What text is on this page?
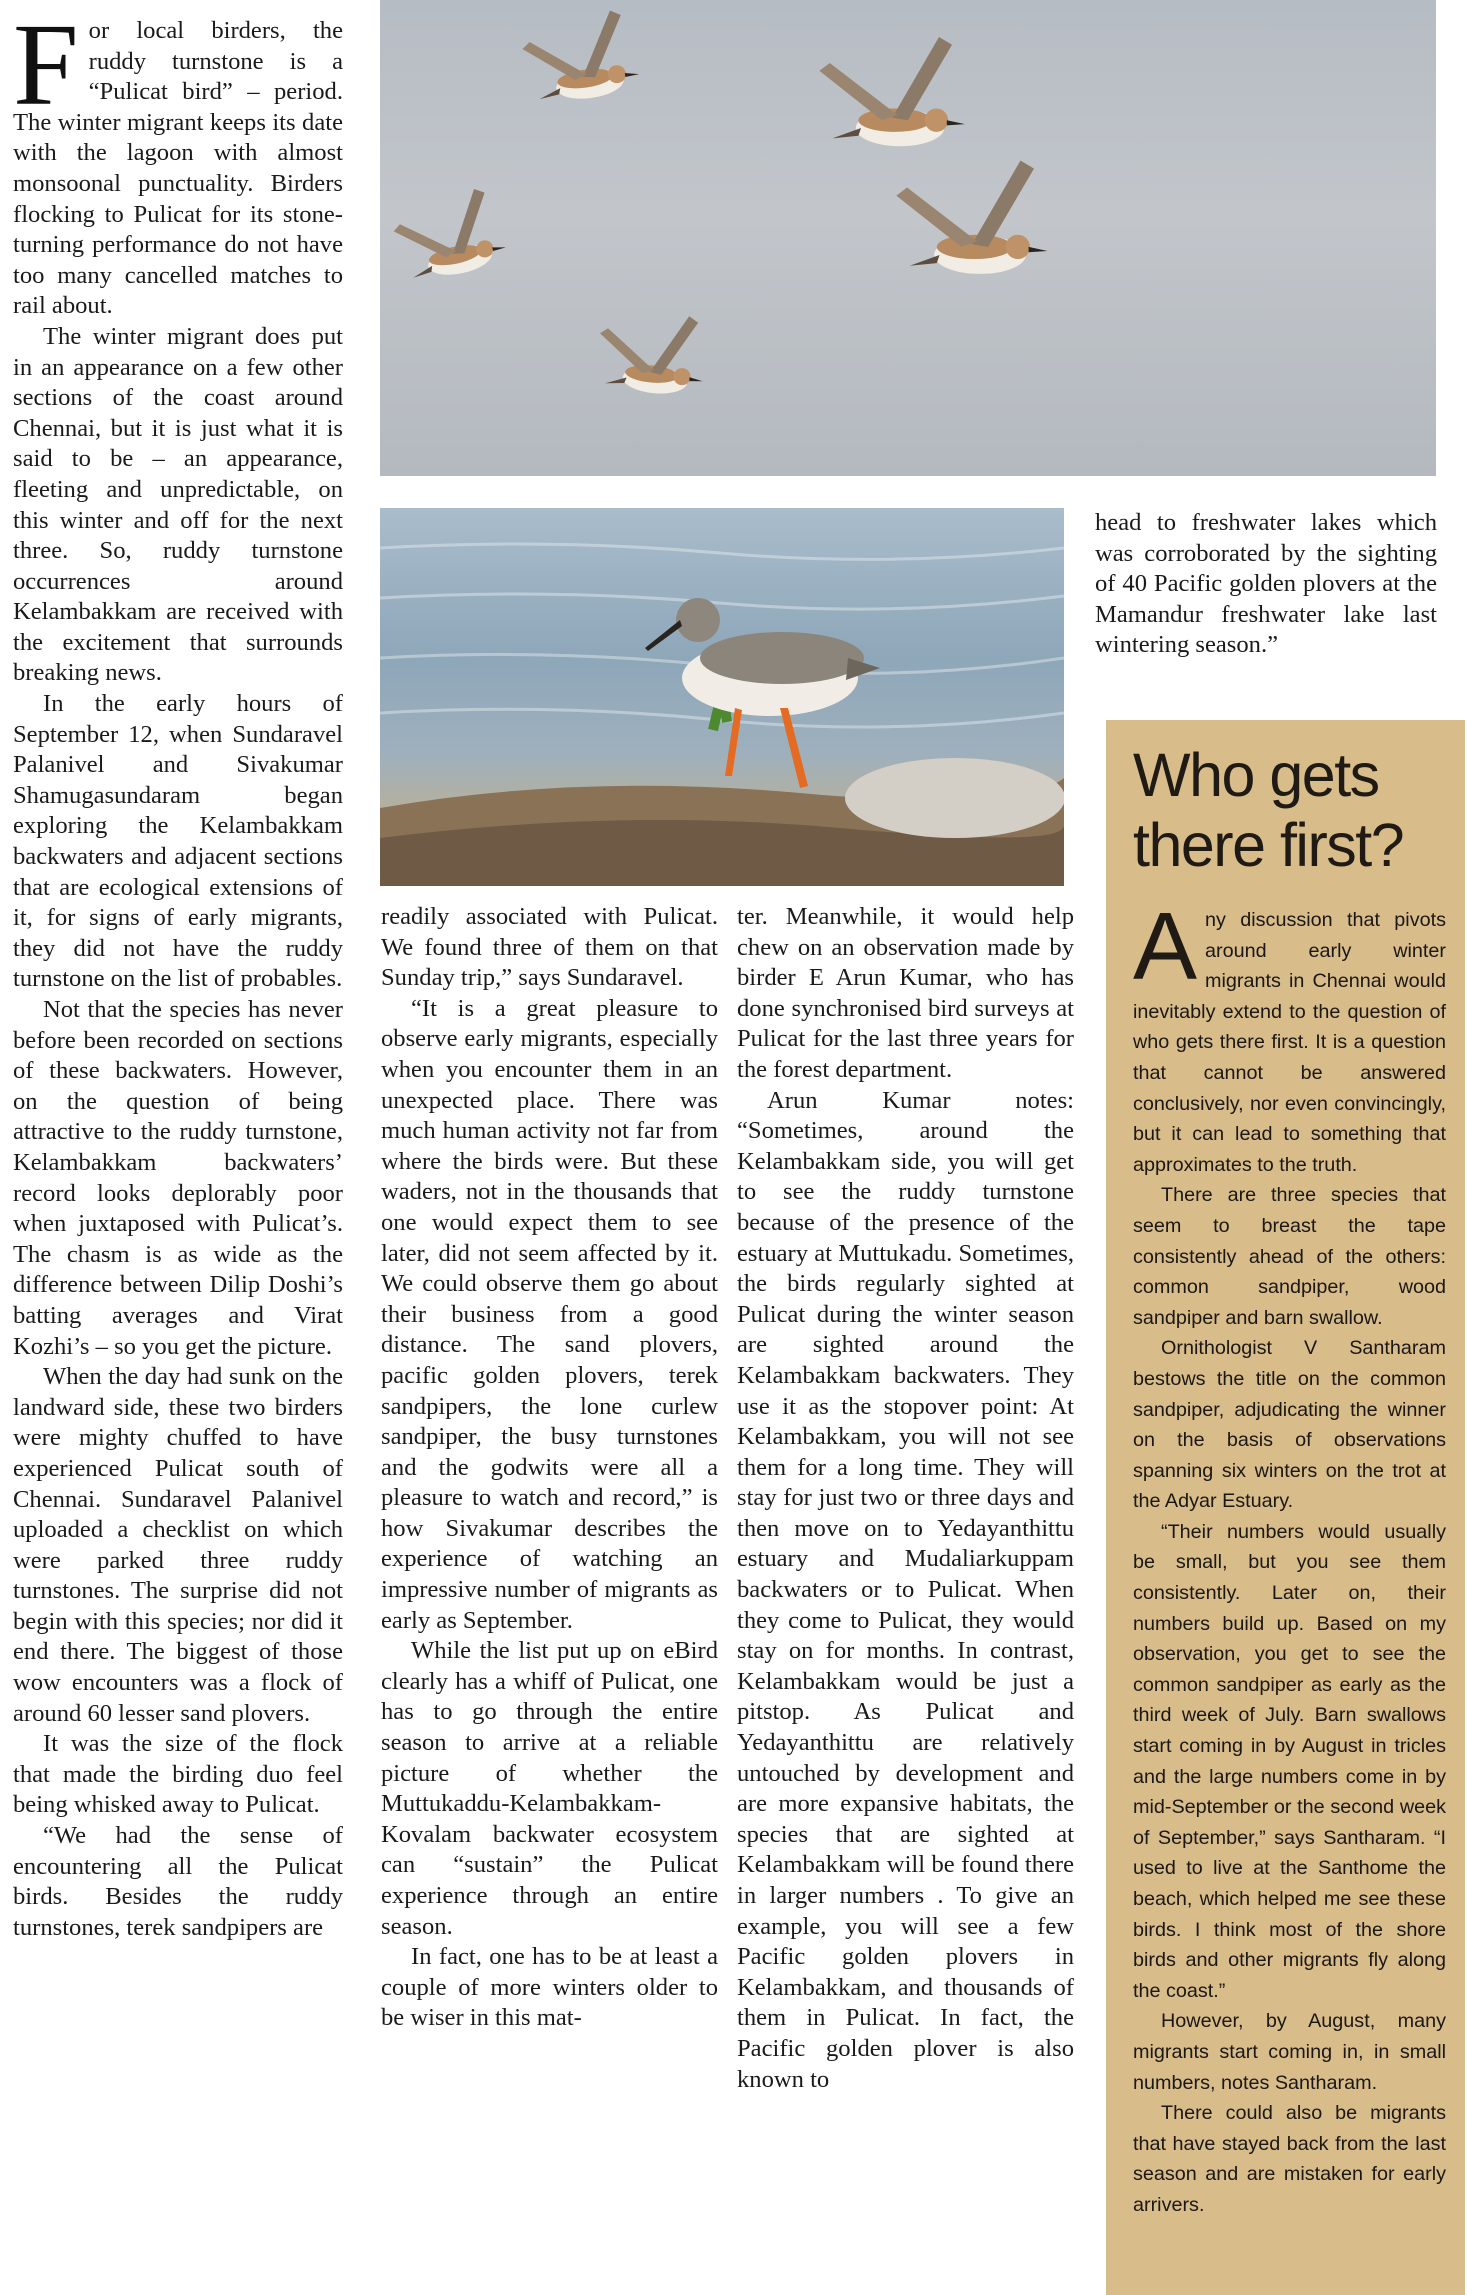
For local birders, the ruddy turnstone is a “Pulicat bird” – period. The winter migrant keeps its date with the lagoon with almost monsoonal punctuality. Birders flocking to Pulicat for its stone-turning performance do not have too many cancelled matches to rail about.

The winter migrant does put in an appearance on a few other sections of the coast around Chennai, but it is just what it is said to be – an appearance, fleeting and unpredictable, on this winter and off for the next three. So, ruddy turnstone occurrences around Kelambakkam are received with the excitement that surrounds breaking news.

In the early hours of September 12, when Sundaravel Palanivel and Sivakumar Shamugasundaram began exploring the Kelambakkam backwaters and adjacent sections that are ecological extensions of it, for signs of early migrants, they did not have the ruddy turnstone on the list of probables.

Not that the species has never before been recorded on sections of these backwaters. However, on the question of being attractive to the ruddy turnstone, Kelambakkam backwaters’ record looks deplorably poor when juxtaposed with Pulicat’s. The chasm is as wide as the difference between Dilip Doshi’s batting averages and Virat Kozhi’s – so you get the picture.

When the day had sunk on the landward side, these two birders were mighty chuffed to have experienced Pulicat south of Chennai. Sundaravel Palanivel uploaded a checklist on which were parked three ruddy turnstones. The surprise did not begin with this species; nor did it end there. The biggest of those wow encounters was a flock of around 60 lesser sand plovers.

It was the size of the flock that made the birding duo feel being whisked away to Pulicat.

“We had the sense of encountering all the Pulicat birds. Besides the ruddy turnstones, terek sandpipers are

head to freshwater lakes which was corroborated by the sighting of 40 Pacific golden plovers at the Mamandur freshwater lake last wintering season.”

readily associated with Pulicat. We found three of them on that Sunday trip,” says Sundaravel.

“It is a great pleasure to observe early migrants, especially when you encounter them in an unexpected place. There was much human activity not far from where the birds were. But these waders, not in the thousands that one would expect them to see later, did not seem affected by it. We could observe them go about their business from a good distance. The sand plovers, pacific golden plovers, terek sandpipers, the lone curlew sandpiper, the busy turnstones and the godwits were all a pleasure to watch and record,” is how Sivakumar describes the experience of watching an impressive number of migrants as early as September.

While the list put up on eBird clearly has a whiff of Pulicat, one has to go through the entire season to arrive at a reliable picture of whether the Muttukaddu-Kelambakkam-Kovalam backwater ecosystem can “sustain” the Pulicat experience through an entire season.

In fact, one has to be at least a couple of more winters older to be wiser in this mat-

ter. Meanwhile, it would help chew on an observation made by birder E Arun Kumar, who has done synchronised bird surveys at Pulicat for the last three years for the forest department.

Arun Kumar notes: “Sometimes, around the Kelambakkam side, you will get to see the ruddy turnstone because of the presence of the estuary at Muttukadu. Sometimes, the birds regularly sighted at Pulicat during the winter season are sighted around the Kelambakkam backwaters. They use it as the stopover point: At Kelambakkam, you will not see them for a long time. They will stay for just two or three days and then move on to Yedayanthittu estuary and Mudaliarkuppam backwaters or to Pulicat. When they come to Pulicat, they would stay on for months. In contrast, Kelambakkam would be just a pitstop. As Pulicat and Yedayanthittu are relatively untouched by development and are more expansive habitats, the species that are sighted at Kelambakkam will be found there in larger numbers . To give an example, you will see a few Pacific golden plovers in Kelambakkam, and thousands of them in Pulicat. In fact, the Pacific golden plover is also known to

Who gets there first?

Any discussion that pivots around early winter migrants in Chennai would inevitably extend to the question of who gets there first. It is a question that cannot be answered conclusively, nor even convincingly, but it can lead to something that approximates to the truth.

There are three species that seem to breast the tape consistently ahead of the others: common sandpiper, wood sandpiper and barn swallow.

Ornithologist V Santharam bestows the title on the common sandpiper, adjudicating the winner on the basis of observations spanning six winters on the trot at the Adyar Estuary.

“Their numbers would usually be small, but you see them consistently. Later on, their numbers build up. Based on my observation, you get to see the common sandpiper as early as the third week of July. Barn swallows start coming in by August in tricles and the large numbers come in by mid-September or the second week of September,” says Santharam. “I used to live at the Santhome the beach, which helped me see these birds. I think most of the shore birds and other migrants fly along the coast.”

However, by August, many migrants start coming in, in small numbers, notes Santharam.

There could also be migrants that have stayed back from the last season and are mistaken for early arrivers.
